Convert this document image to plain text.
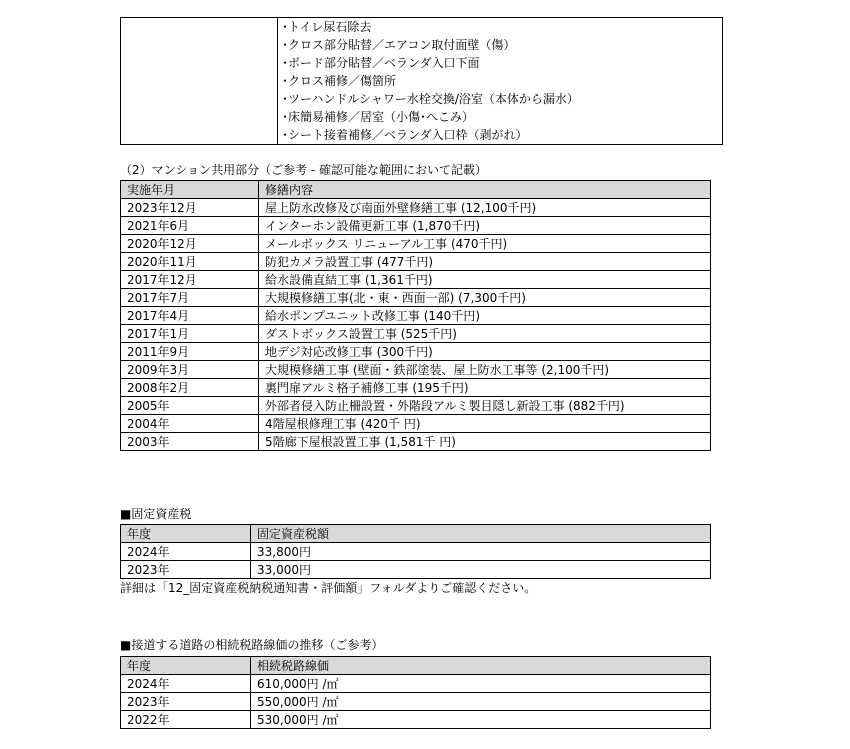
･トイレ尿石除去
･クロス部分貼替／エアコン取付面壁（傷）
･ボード部分貼替／ベランダ入口下面
･クロス補修／傷箇所
･ツーハンドルシャワー水栓交換/浴室（本体から漏水）
･床簡易補修／居室（小傷･へこみ）
･シート接着補修／ベランダ入口枠（剥がれ）
（2）マンション共用部分（ご参考 - 確認可能な範囲において記載）
実施年月	修繕内容
2023年12月	屋上防水改修及び南面外壁修繕工事 (12,100千円)
2021年6月	インターホン設備更新工事 (1,870千円)
2020年12月	メールボックス リニューアル工事 (470千円)
2020年11月	防犯カメラ設置工事 (477千円)
2017年12月	給水設備直結工事 (1,361千円)
2017年7月	大規模修繕工事(北・東・西面一部) (7,300千円)
2017年4月	給水ポンプユニット改修工事 (140千円)
2017年1月	ダストボックス設置工事 (525千円)
2011年9月	地デジ対応改修工事 (300千円)
2009年3月	大規模修繕工事 (壁面・鉄部塗装、屋上防水工事等 (2,100千円)
2008年2月	裏門扉アルミ格子補修工事 (195千円)
2005年	外部者侵入防止柵設置・外階段アルミ製目隠し新設工事 (882千円)
2004年	4階屋根修理工事 (420千 円)
2003年	5階廊下屋根設置工事 (1,581千 円)
■固定資産税
年度	固定資産税額
2024年	33,800円
2023年	33,000円
詳細は「12_固定資産税納税通知書・評価額」フォルダよりご確認ください。
■接道する道路の相続税路線価の推移（ご参考）
年度	相続税路線価
2024年	610,000円 /㎡
2023年	550,000円 /㎡
2022年	530,000円 /㎡
